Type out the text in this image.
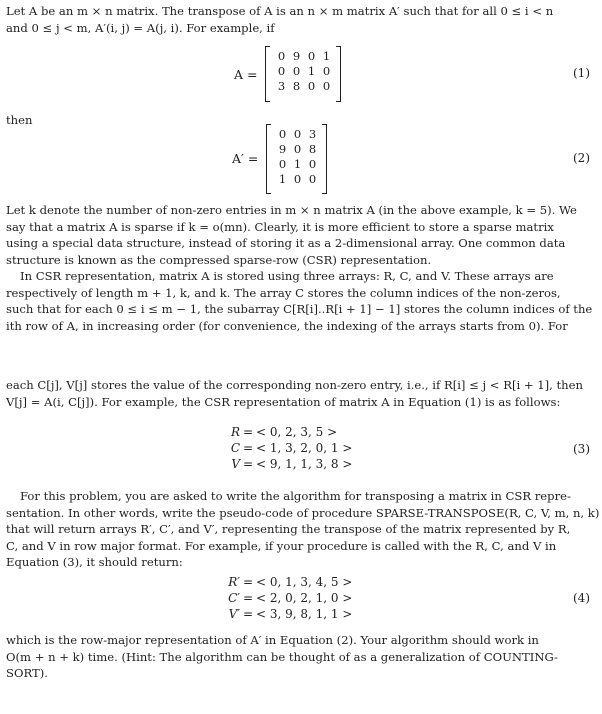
Let A be an m × n matrix. The transpose of A is an n × m matrix A′ such that for all 0 ≤ i < n
and 0 ≤ j < m, A′(i, j) = A(j, i). For example, if
A =
0 9 0 1
0 0 1 0
3 8 0 0
(1)
then
A′ =
0 0 3
9 0 8
0 1 0
1 0 0
(2)
Let k denote the number of non-zero entries in m × n matrix A (in the above example, k = 5). We
say that a matrix A is sparse if k = o(mn). Clearly, it is more efficient to store a sparse matrix
using a special data structure, instead of storing it as a 2-dimensional array. One common data
structure is known as the compressed sparse-row (CSR) representation.
In CSR representation, matrix A is stored using three arrays: R, C, and V. These arrays are
respectively of length m + 1, k, and k. The array C stores the column indices of the non-zeros,
such that for each 0 ≤ i ≤ m − 1, the subarray C[R[i]..R[i + 1] − 1] stores the column indices of the
ith row of A, in increasing order (for convenience, the indexing of the arrays starts from 0). For
each C[j], V[j] stores the value of the corresponding non-zero entry, i.e., if R[i] ≤ j < R[i + 1], then
V[j] = A(i, C[j]). For example, the CSR representation of matrix A in Equation (1) is as follows:
R = < 0, 2, 3, 5 >
C = < 1, 3, 2, 0, 1 >
V = < 9, 1, 1, 3, 8 >
(3)
For this problem, you are asked to write the algorithm for transposing a matrix in CSR repre-
sentation. In other words, write the pseudo-code of procedure SPARSE-TRANSPOSE(R, C, V, m, n, k)
that will return arrays R′, C′, and V′, representing the transpose of the matrix represented by R,
C, and V in row major format. For example, if your procedure is called with the R, C, and V in
Equation (3), it should return:
R′ = < 0, 1, 3, 4, 5 >
C′ = < 2, 0, 2, 1, 0 >
V′ = < 3, 9, 8, 1, 1 >
(4)
which is the row-major representation of A′ in Equation (2). Your algorithm should work in
O(m + n + k) time. (Hint: The algorithm can be thought of as a generalization of COUNTING-
SORT).
